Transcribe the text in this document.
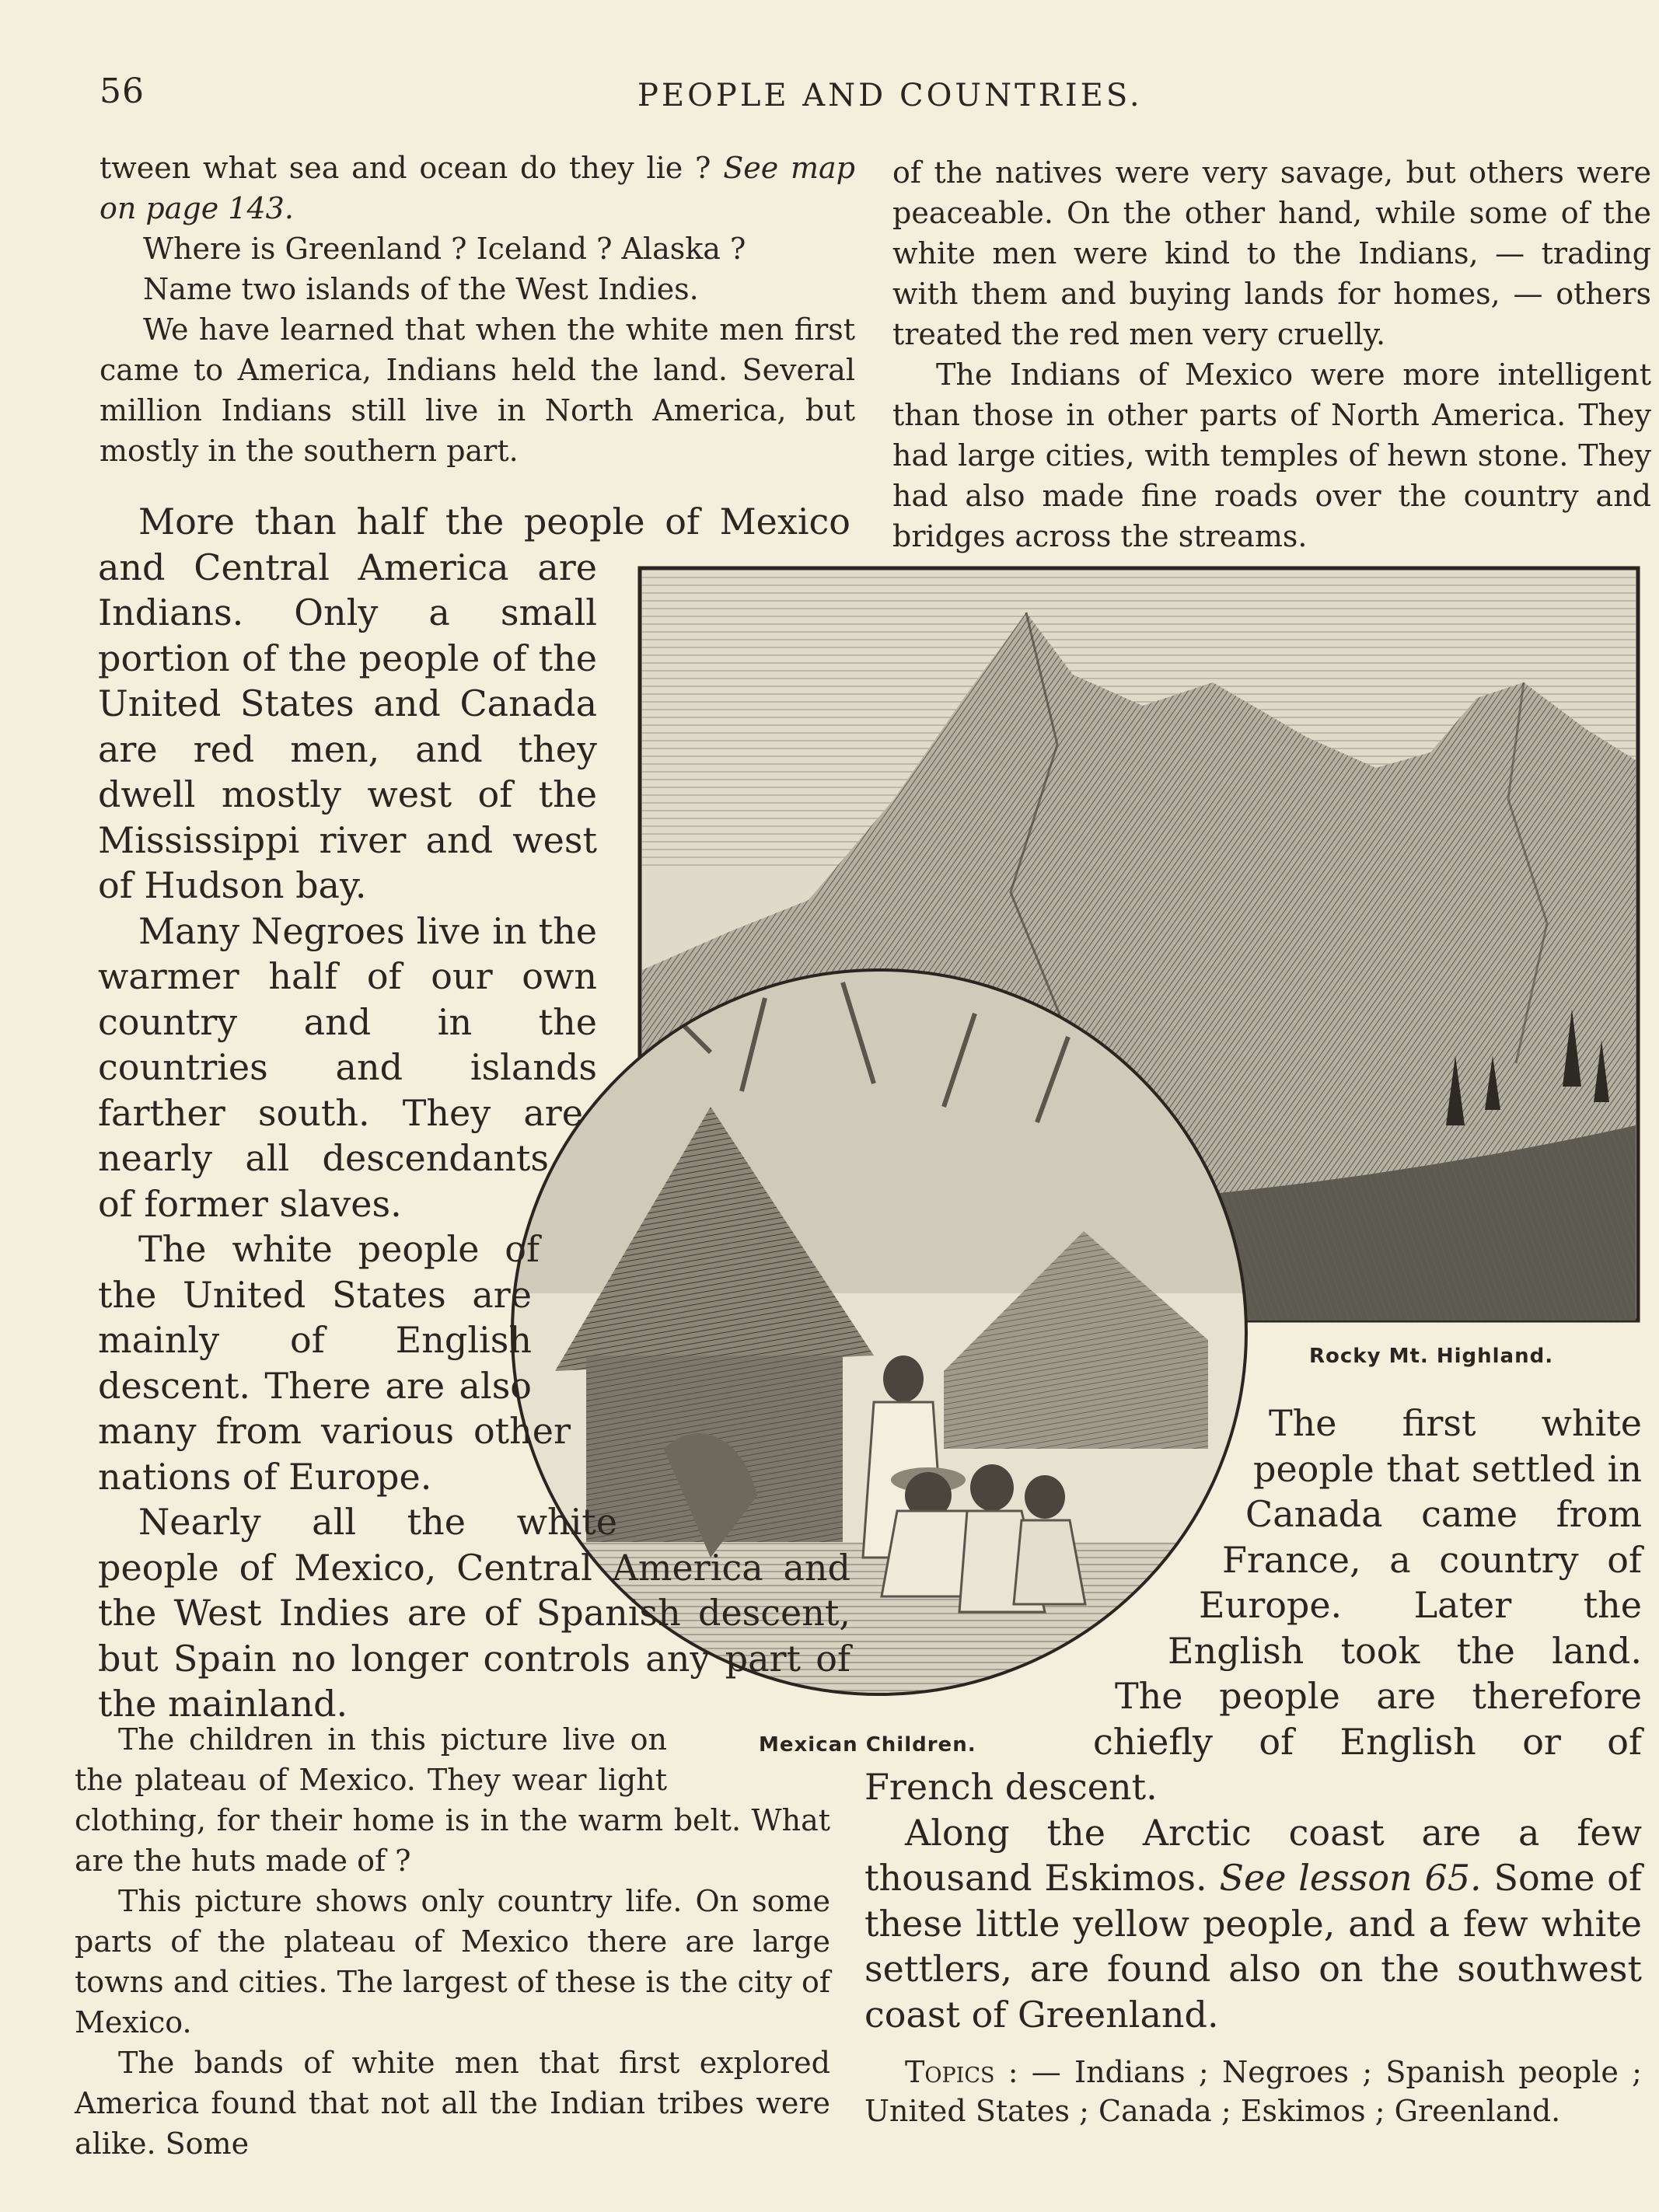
56	PEOPLE AND COUNTRIES.

tween what sea and ocean do they lie ? See map on page 143.

Where is Greenland ? Iceland ? Alaska ?

Name two islands of the West Indies.

We have learned that when the white men first came to America, Indians held the land. Several million Indians still live in North America, but mostly in the southern part.

of the natives were very savage, but others were peaceable. On the other hand, while some of the white men were kind to the Indians, — trading with them and buying lands for homes, — others treated the red men very cruelly.

The Indians of Mexico were more intelligent than those in other parts of North America. They had large cities, with temples of hewn stone. They had also made fine roads over the country and bridges across the streams.

Rocky Mt. Highland.
Mexican Children.

More than half the people of Mexico and Central America are Indians. Only a small portion of the people of the United States and Canada are red men, and they dwell mostly west of the Mississippi river and west of Hudson bay.

Many Negroes live in the warmer half of our own country and in the countries and islands farther south. They are nearly all descendants of former slaves.

The white people of the United States are mainly of English descent. There are also many from various other nations of Europe.

Nearly all the white people of Mexico, Central America and the West Indies are of Spanish descent, but Spain no longer controls any part of the mainland.

The first white people that settled in Canada came from France, a country of Europe. Later the English took the land. The people are therefore chiefly of English or of French descent.

Along the Arctic coast are a few thousand Eskimos. See lesson 65. Some of these little yellow people, and a few white settlers, are found also on the southwest coast of Greenland.

Topics : — Indians ; Negroes ; Spanish people ; United States ; Canada ; Eskimos ; Greenland.

The children in this picture live on the plateau of Mexico. They wear light clothing, for their home is in the warm belt. What are the huts made of ?

This picture shows only country life. On some parts of the plateau of Mexico there are large towns and cities. The largest of these is the city of Mexico.

The bands of white men that first explored America found that not all the Indian tribes were alike. Some
